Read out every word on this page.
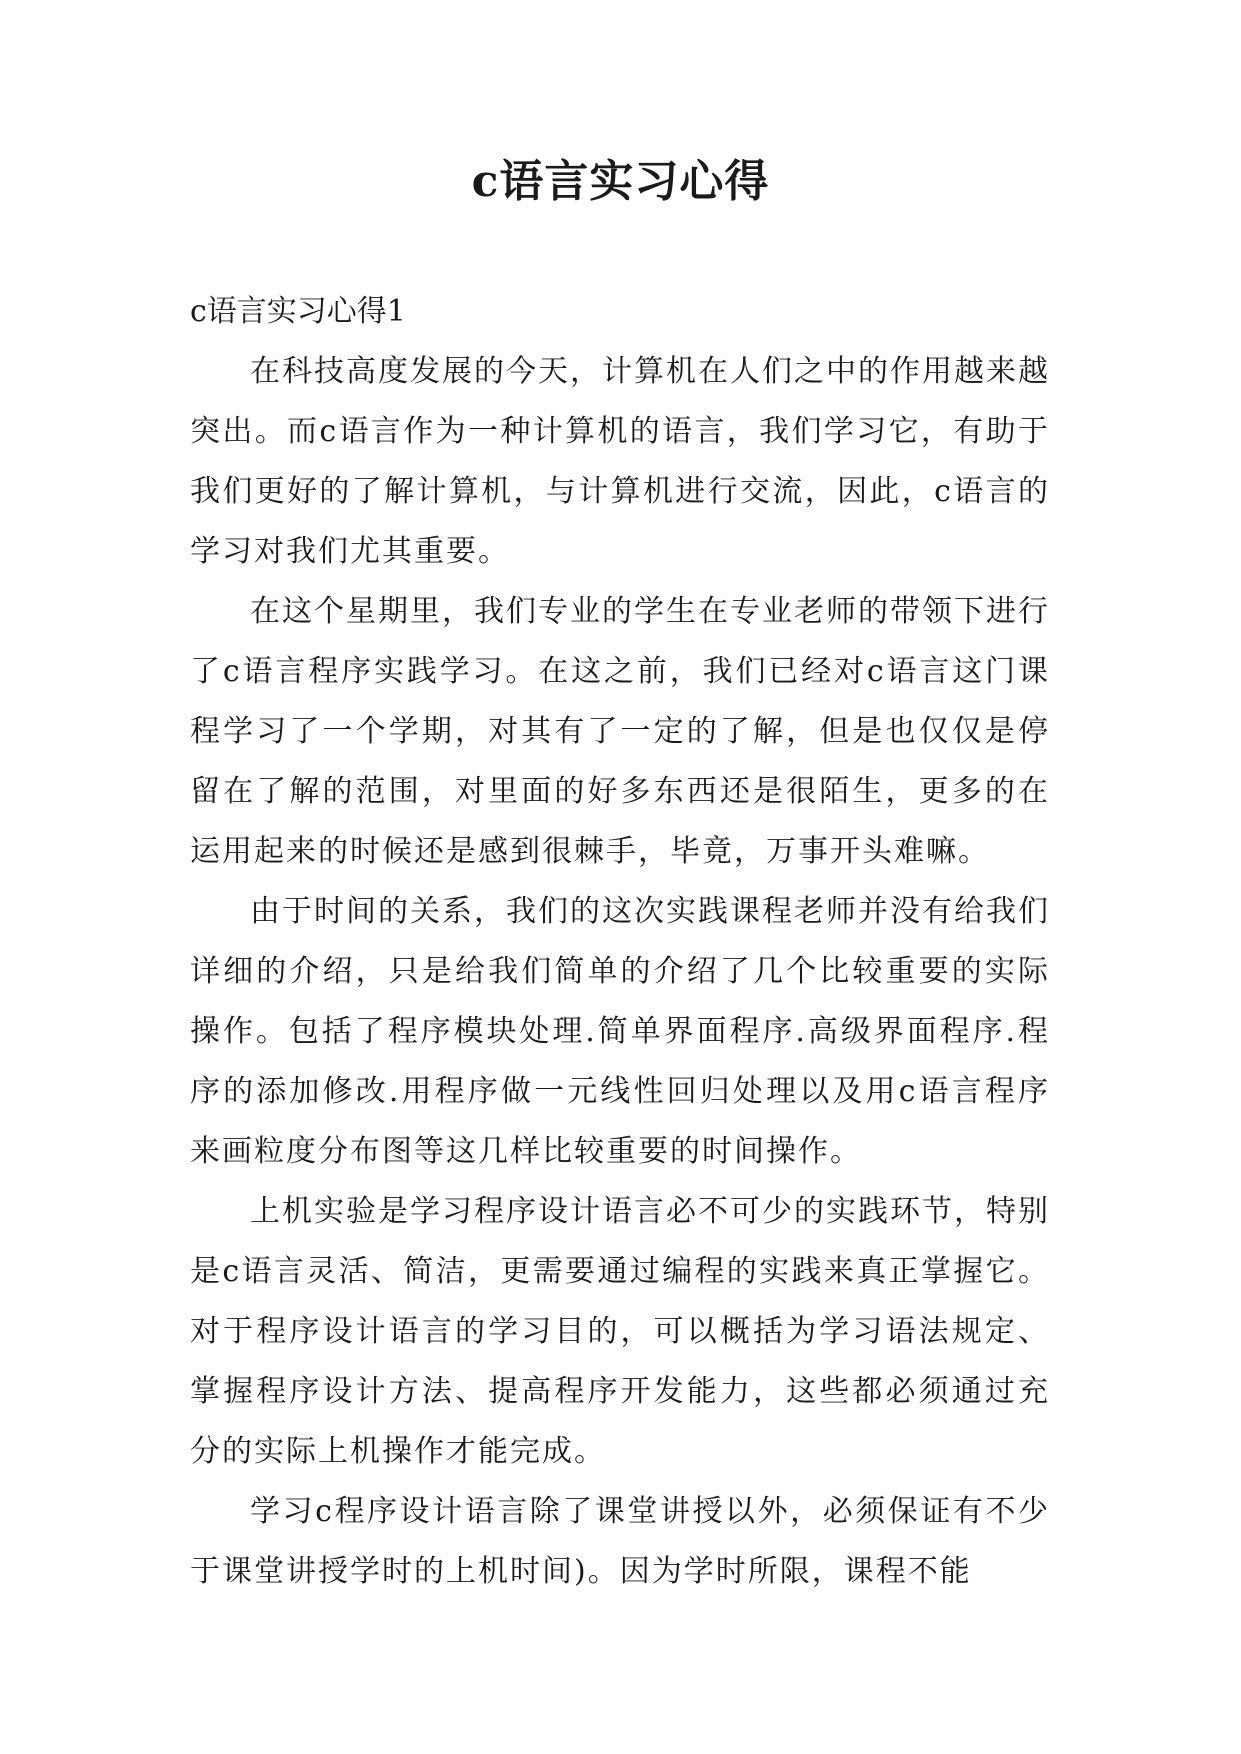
c语言实习心得
c语言实习心得1

在科技高度发展的今天，计算机在人们之中的作用越来越突出。而c语言作为一种计算机的语言，我们学习它，有助于我们更好的了解计算机，与计算机进行交流，因此，c语言的学习对我们尤其重要。

在这个星期里，我们专业的学生在专业老师的带领下进行了c语言程序实践学习。在这之前，我们已经对c语言这门课程学习了一个学期，对其有了一定的了解，但是也仅仅是停留在了解的范围，对里面的好多东西还是很陌生，更多的在运用起来的时候还是感到很棘手，毕竟，万事开头难嘛。

由于时间的关系，我们的这次实践课程老师并没有给我们详细的介绍，只是给我们简单的介绍了几个比较重要的实际操作。包括了程序模块处理.简单界面程序.高级界面程序.程序的添加修改.用程序做一元线性回归处理以及用c语言程序来画粒度分布图等这几样比较重要的时间操作。

上机实验是学习程序设计语言必不可少的实践环节，特别是c语言灵活、简洁，更需要通过编程的实践来真正掌握它。对于程序设计语言的学习目的，可以概括为学习语法规定、掌握程序设计方法、提高程序开发能力，这些都必须通过充分的实际上机操作才能完成。

学习c程序设计语言除了课堂讲授以外，必须保证有不少于课堂讲授学时的上机时间)。因为学时所限，课程不能
